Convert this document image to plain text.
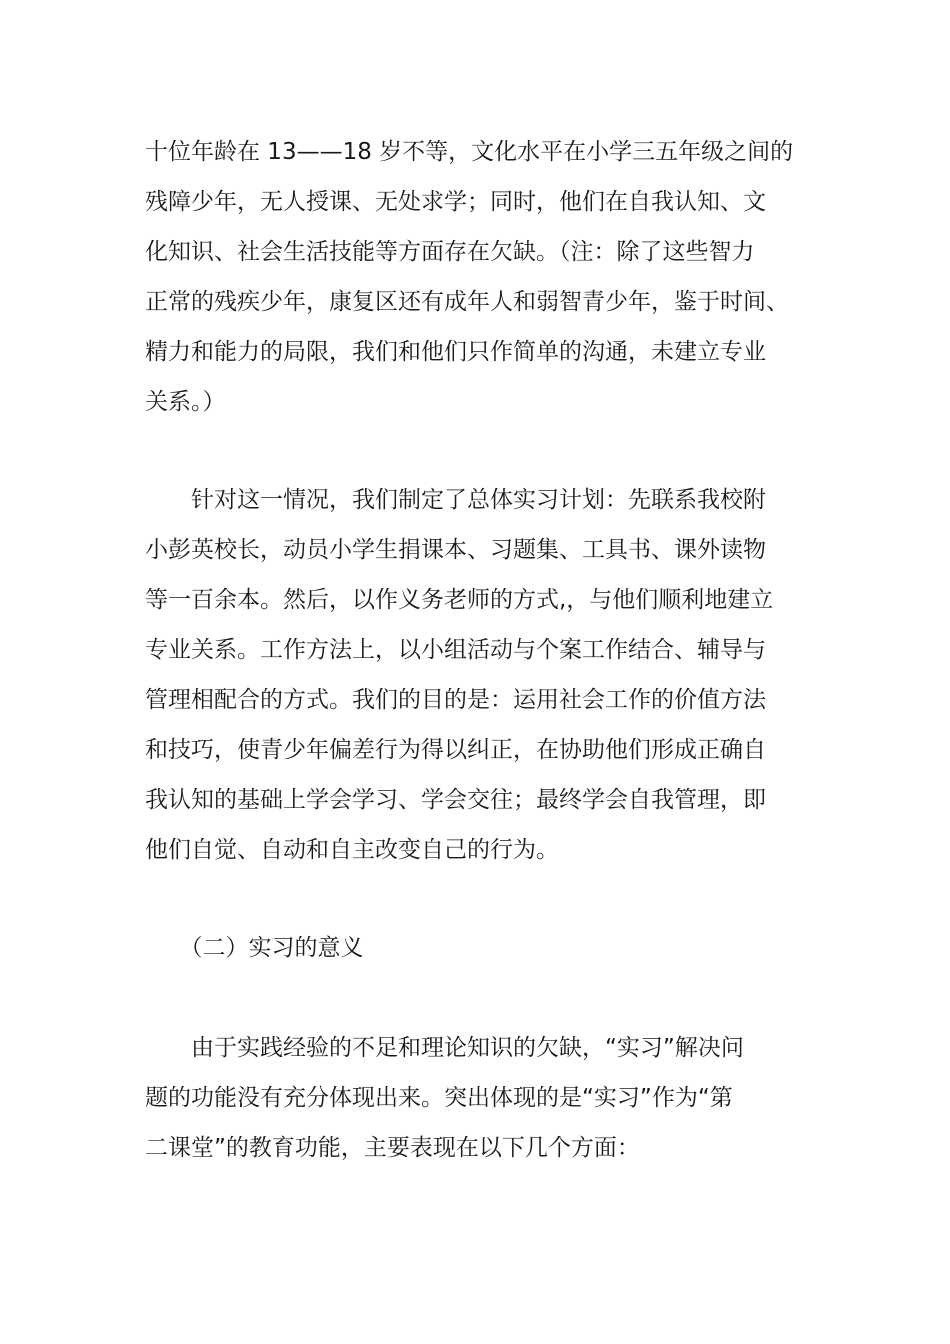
十位年龄在 13——18 岁不等，文化水平在小学三五年级之间的
残障少年，无人授课、无处求学；同时，他们在自我认知、文
化知识、社会生活技能等方面存在欠缺。（注：除了这些智力
正常的残疾少年，康复区还有成年人和弱智青少年，鉴于时间、
精力和能力的局限，我们和他们只作简单的沟通，未建立专业
关系。）
　　针对这一情况，我们制定了总体实习计划：先联系我校附
小彭英校长，动员小学生捐课本、习题集、工具书、课外读物
等一百余本。然后，以作义务老师的方式,，与他们顺利地建立
专业关系。工作方法上，以小组活动与个案工作结合、辅导与
管理相配合的方式。我们的目的是：运用社会工作的价值方法
和技巧，使青少年偏差行为得以纠正，在协助他们形成正确自
我认知的基础上学会学习、学会交往；最终学会自我管理，即
他们自觉、自动和自主改变自己的行为。
　　（二）实习的意义
　　由于实践经验的不足和理论知识的欠缺，“实习”解决问
题的功能没有充分体现出来。突出体现的是“实习”作为“第
二课堂”的教育功能，主要表现在以下几个方面：
